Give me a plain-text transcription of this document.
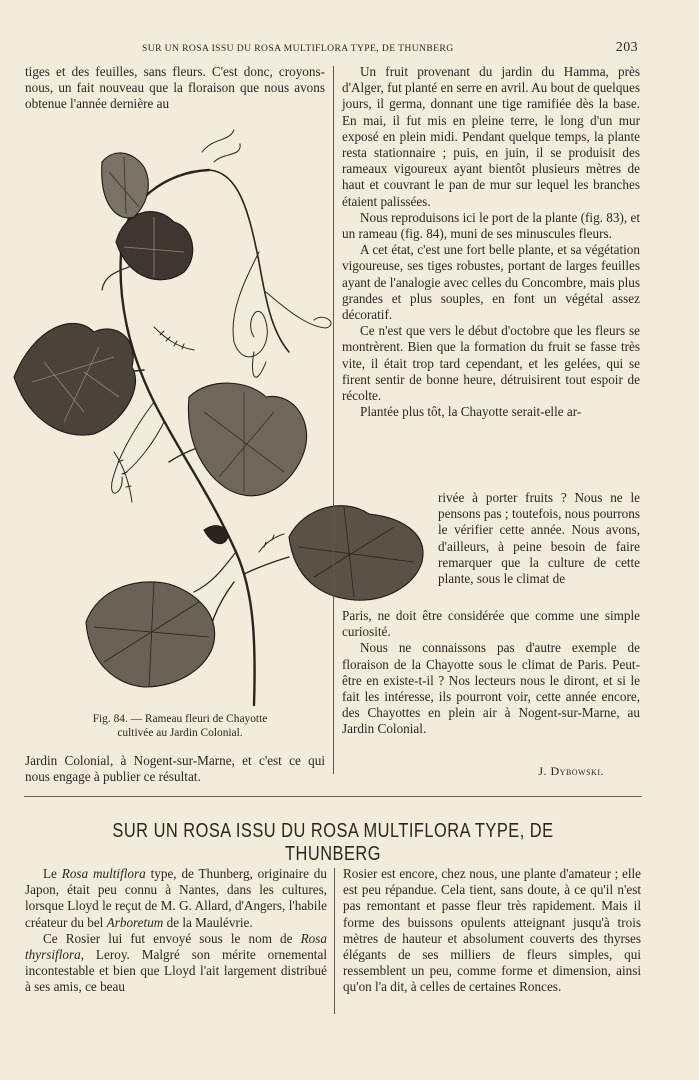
SUR UN ROSA ISSU DU ROSA MULTIFLORA TYPE, DE THUNBERG	203

tiges et des feuilles, sans fleurs. C'est donc, croyons-nous, un fait nouveau que la floraison que nous avons obtenue l'année dernière au

Fig. 84. — Rameau fleuri de Chayotte
cultivée au Jardin Colonial.

Jardin Colonial, à Nogent-sur-Marne, et c'est ce qui nous engage à publier ce résultat.

Un fruit provenant du jardin du Hamma, près d'Alger, fut planté en serre en avril. Au bout de quelques jours, il germa, donnant une tige ramifiée dès la base. En mai, il fut mis en pleine terre, le long d'un mur exposé en plein midi. Pendant quelque temps, la plante resta stationnaire ; puis, en juin, il se produisit des rameaux vigoureux ayant bientôt plusieurs mètres de haut et couvrant le pan de mur sur lequel les branches étaient palissées.

Nous reproduisons ici le port de la plante (fig. 83), et un rameau (fig. 84), muni de ses minuscules fleurs.

A cet état, c'est une fort belle plante, et sa végétation vigoureuse, ses tiges robustes, portant de larges feuilles ayant de l'analogie avec celles du Concombre, mais plus grandes et plus souples, en font un végétal assez décoratif.

Ce n'est que vers le début d'octobre que les fleurs se montrèrent. Bien que la formation du fruit se fasse très vite, il était trop tard cependant, et les gelées, qui se firent sentir de bonne heure, détruisirent tout espoir de récolte.

Plantée plus tôt, la Chayotte serait-elle ar-

rivée à porter fruits ? Nous ne le pensons pas ; toutefois, nous pourrons le vérifier cette année. Nous avons, d'ailleurs, à peine besoin de faire remarquer que la culture de cette plante, sous le climat de

Paris, ne doit être considérée que comme une simple curiosité.

Nous ne connaissons pas d'autre exemple de floraison de la Chayotte sous le climat de Paris. Peut-être en existe-t-il ? Nos lecteurs nous le diront, et si le fait les intéresse, ils pourront voir, cette année encore, des Chayottes en plein air à Nogent-sur-Marne, au Jardin Colonial.

J. Dybowski.
SUR UN ROSA ISSU DU ROSA MULTIFLORA TYPE, DE THUNBERG

Le Rosa multiflora type, de Thunberg, originaire du Japon, était peu connu à Nantes, dans les cultures, lorsque Lloyd le reçut de M. G. Allard, d'Angers, l'habile créateur du bel Arboretum de la Maulévrie.

Ce Rosier lui fut envoyé sous le nom de Rosa thyrsiflora, Leroy. Malgré son mérite ornemental incontestable et bien que Lloyd l'ait largement distribué à ses amis, ce beau

Rosier est encore, chez nous, une plante d'amateur ; elle est peu répandue. Cela tient, sans doute, à ce qu'il n'est pas remontant et passe fleur très rapidement. Mais il forme des buissons opulents atteignant jusqu'à trois mètres de hauteur et absolument couverts des thyrses élégants de ses milliers de fleurs simples, qui ressemblent un peu, comme forme et dimension, ainsi qu'on l'a dit, à celles de certaines Ronces.
